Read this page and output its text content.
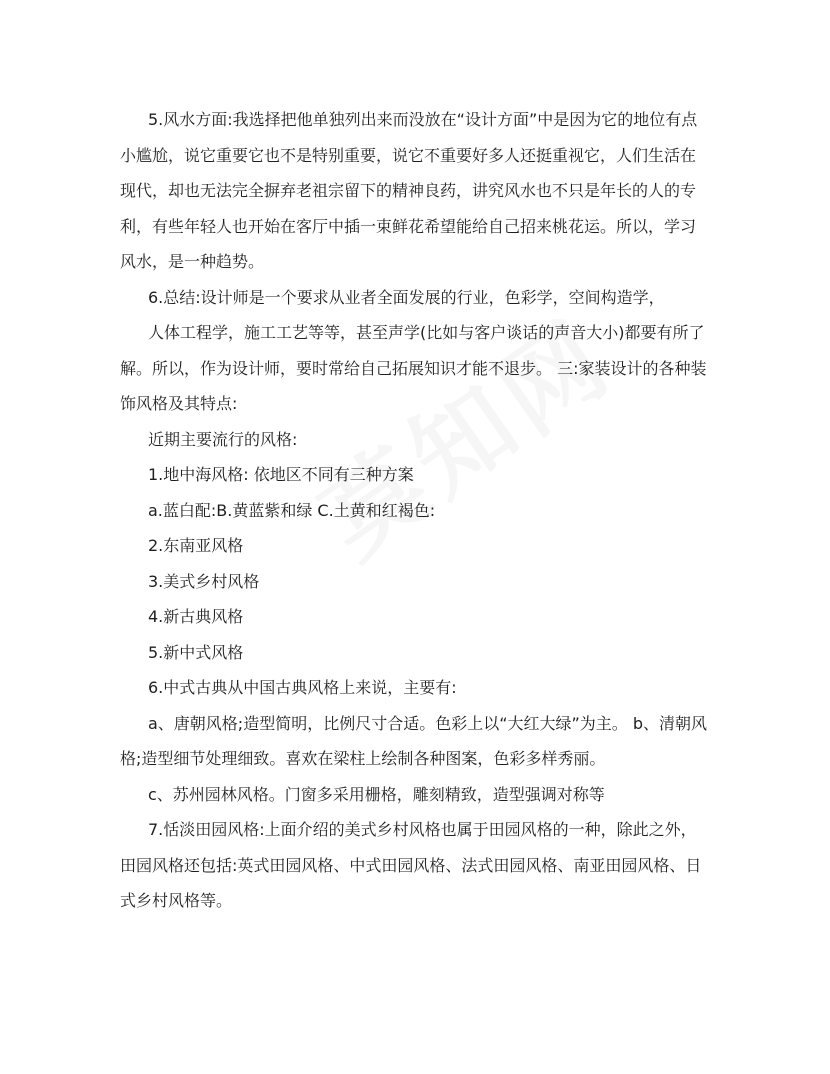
5.风水方面:我选择把他单独列出来而没放在“设计方面”中是因为它的地位有点小尴尬，说它重要它也不是特别重要，说它不重要好多人还挺重视它，人们生活在现代，却也无法完全摒弃老祖宗留下的精神良药，讲究风水也不只是年长的人的专利，有些年轻人也开始在客厅中插一束鲜花希望能给自己招来桃花运。所以，学习风水，是一种趋势。

6.总结:设计师是一个要求从业者全面发展的行业，色彩学，空间构造学，

人体工程学，施工工艺等等，甚至声学(比如与客户谈话的声音大小)都要有所了解。所以，作为设计师，要时常给自己拓展知识才能不退步。 三:家装设计的各种装饰风格及其特点:

近期主要流行的风格:

1.地中海风格: 依地区不同有三种方案

a.蓝白配:B.黄蓝紫和绿 C.土黄和红褐色:

2.东南亚风格

3.美式乡村风格

4.新古典风格

5.新中式风格

6.中式古典从中国古典风格上来说，主要有:

a、唐朝风格;造型简明，比例尺寸合适。色彩上以“大红大绿”为主。 b、清朝风格;造型细节处理细致。喜欢在梁柱上绘制各种图案，色彩多样秀丽。

c、苏州园林风格。门窗多采用栅格，雕刻精致，造型强调对称等

7.恬淡田园风格:上面介绍的美式乡村风格也属于田园风格的一种，除此之外，田园风格还包括:英式田园风格、中式田园风格、法式田园风格、南亚田园风格、日式乡村风格等。
